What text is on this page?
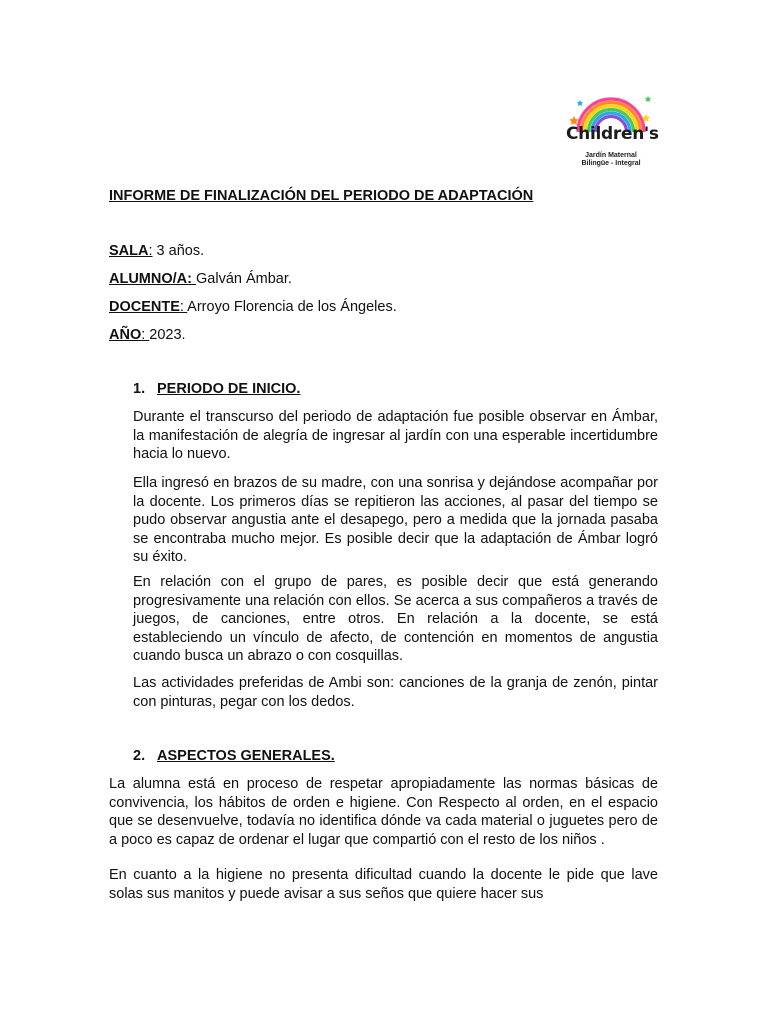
Children's
Jardín Maternal
Bilingüe - Integral
INFORME DE FINALIZACIÓN DEL PERIODO DE ADAPTACIÓN
SALA: 3 años.
ALUMNO/A: Galván Ámbar.
DOCENTE: Arroyo Florencia de los Ángeles.
AÑO: 2023.
1. PERIODO DE INICIO.

Durante el transcurso del periodo de adaptación fue posible observar en Ámbar, la manifestación de alegría de ingresar al jardín con una esperable incertidumbre hacia lo nuevo.

Ella ingresó en brazos de su madre, con una sonrisa y dejándose acompañar por la docente. Los primeros días se repitieron las acciones, al pasar del tiempo se pudo observar angustia ante el desapego, pero a medida que la jornada pasaba se encontraba mucho mejor. Es posible decir que la adaptación de Ámbar logró su éxito.

En relación con el grupo de pares, es posible decir que está generando progresivamente una relación con ellos. Se acerca a sus compañeros a través de juegos, de canciones, entre otros. En relación a la docente, se está estableciendo un vínculo de afecto, de contención en momentos de angustia cuando busca un abrazo o con cosquillas.

Las actividades preferidas de Ambi son: canciones de la granja de zenón, pintar con pinturas, pegar con los dedos.

2. ASPECTOS GENERALES.

La alumna está en proceso de respetar apropiadamente las normas básicas de convivencia, los hábitos de orden e higiene. Con Respecto al orden, en el espacio que se desenvuelve, todavía no identifica dónde va cada material o juguetes pero de a poco es capaz de ordenar el lugar que compartió con el resto de los niños .

En cuanto a la higiene no presenta dificultad cuando la docente le pide que lave solas sus manitos y puede avisar a sus seños que quiere hacer sus
